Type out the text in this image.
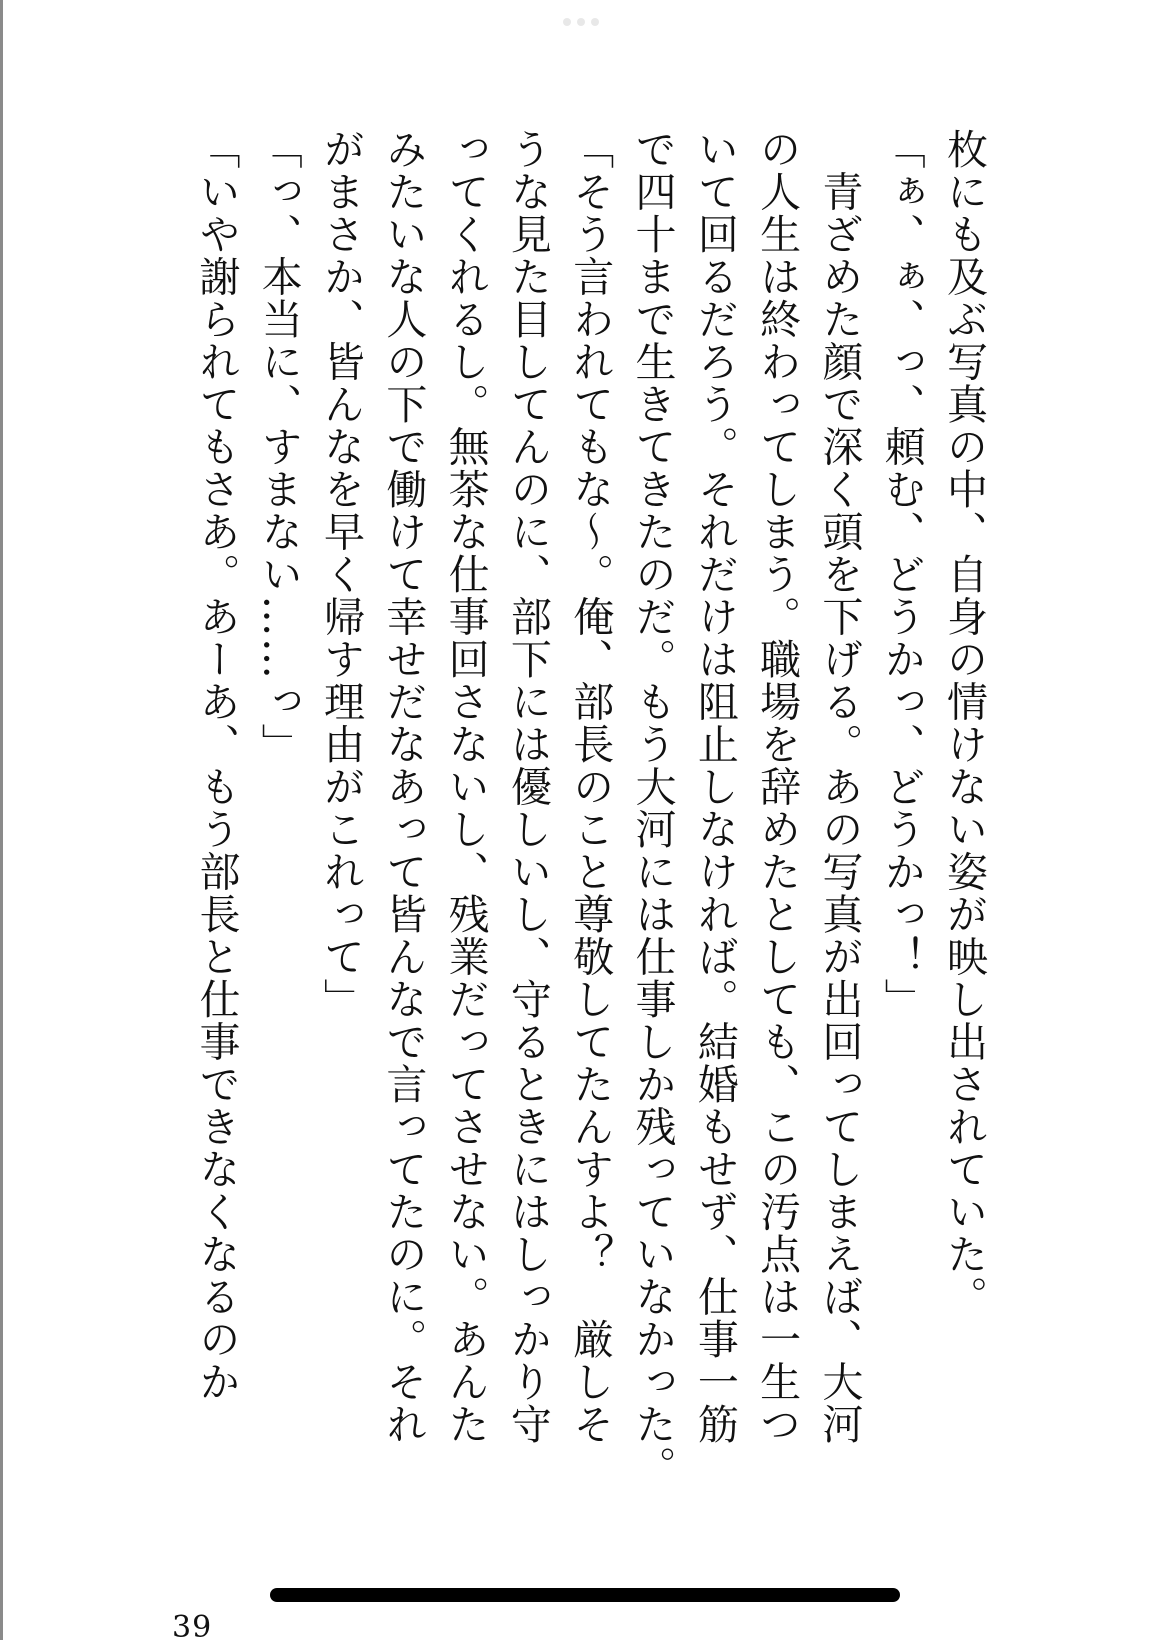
枚にも及ぶ写真の中、自身の情けない姿が映し出されていた。

「ぁ、ぁ、っ、頼む、どうかっ、どうかっ！」

　青ざめた顔で深く頭を下げる。あの写真が出回ってしまえば、大河

の人生は終わってしまう。職場を辞めたとしても、この汚点は一生つ

いて回るだろう。それだけは阻止しなければ。結婚もせず、仕事一筋

で四十まで生きてきたのだ。もう大河には仕事しか残っていなかった。

「そう言われてもな〜。俺、部長のこと尊敬してたんすよ？　厳しそ

うな見た目してんのに、部下には優しいし、守るときにはしっかり守

ってくれるし。無茶な仕事回さないし、残業だってさせない。あんた

みたいな人の下で働けて幸せだなあって皆んなで言ってたのに。それ

がまさか、皆んなを早く帰す理由がこれって」

「っ、本当に、すまない……っ」

「いや謝られてもさあ。あーあ、もう部長と仕事できなくなるのか

39
